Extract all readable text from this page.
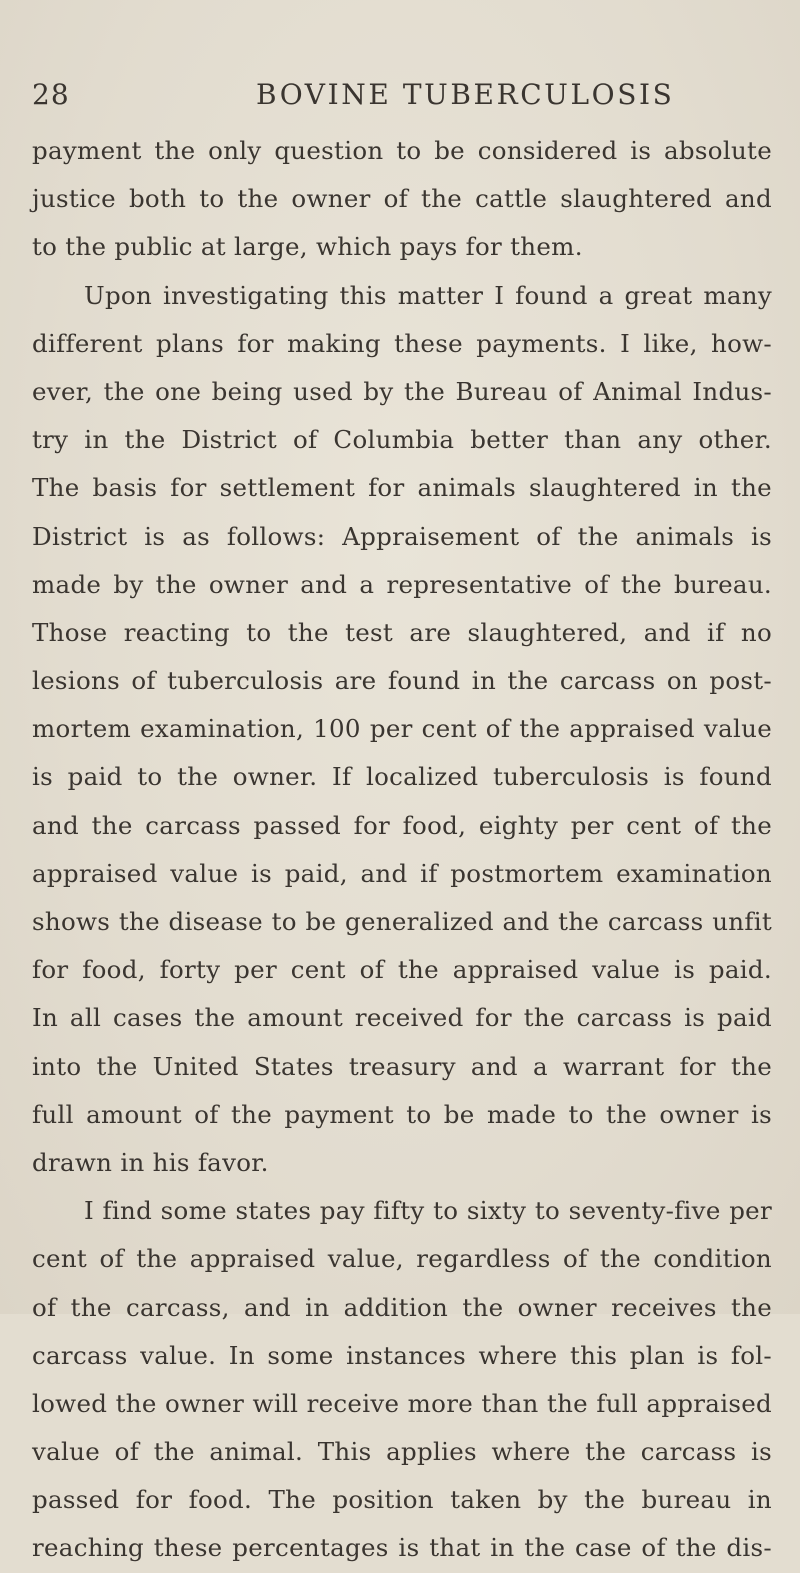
28	BOVINE TUBERCULOSIS
payment the only question to be considered is absolute
justice both to the owner of the cattle slaughtered and
to the public at large, which pays for them.
Upon investigating this matter I found a great many
different plans for making these payments. I like, how-
ever, the one being used by the Bureau of Animal Indus-
try in the District of Columbia better than any other.
The basis for settlement for animals slaughtered in the
District is as follows: Appraisement of the animals is
made by the owner and a representative of the bureau.
Those reacting to the test are slaughtered, and if no
lesions of tuberculosis are found in the carcass on post-
mortem examination, 100 per cent of the appraised value
is paid to the owner. If localized tuberculosis is found
and the carcass passed for food, eighty per cent of the
appraised value is paid, and if postmortem examination
shows the disease to be generalized and the carcass unfit
for food, forty per cent of the appraised value is paid.
In all cases the amount received for the carcass is paid
into the United States treasury and a warrant for the
full amount of the payment to be made to the owner is
drawn in his favor.
I find some states pay fifty to sixty to seventy-five per
cent of the appraised value, regardless of the condition
of the carcass, and in addition the owner receives the
carcass value. In some instances where this plan is fol-
lowed the owner will receive more than the full appraised
value of the animal. This applies where the carcass is
passed for food. The position taken by the bureau in
reaching these percentages is that in the case of the dis-
